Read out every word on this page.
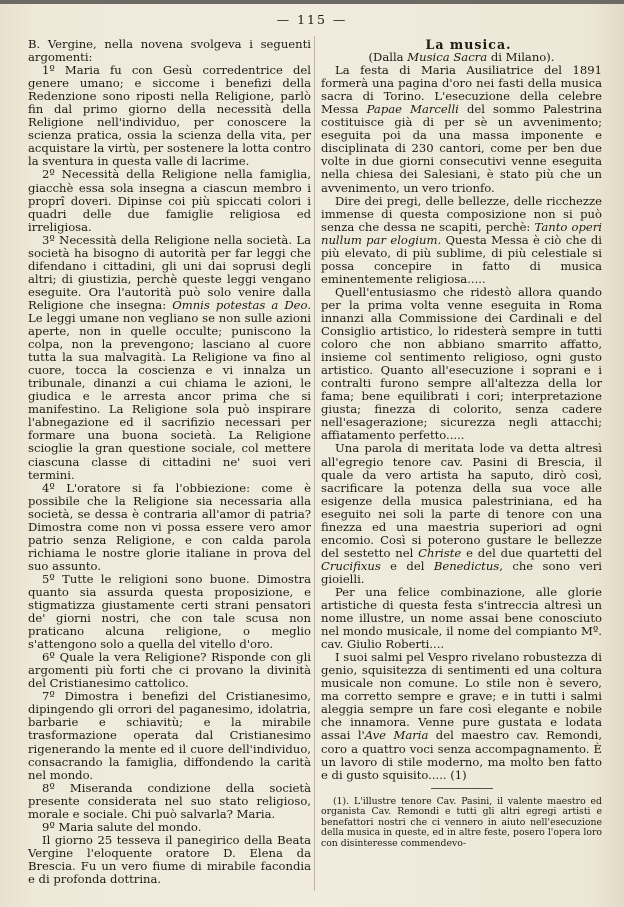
— 115 —

B. Vergine, nella novena svolgeva i seguenti argomenti:

1º Maria fu con Gesù corredentrice del genere umano; e siccome i benefizi della Redenzione sono riposti nella Religione, parlò fin dal primo giorno della necessità della Religione nell'individuo, per conoscere la scienza pratica, ossia la scienza della vita, per acquistare la virtù, per sostenere la lotta contro la sventura in questa valle di lacrime.

2º Necessità della Religione nella famiglia, giacchè essa sola insegna a ciascun membro i proprî doveri. Dipinse coi più spiccati colori i quadri delle due famiglie religiosa ed irreligiosa.

3º Necessità della Religione nella società. La società ha bisogno di autorità per far leggi che difendano i cittadini, gli uni dai soprusi degli altri; di giustizia, perchè queste leggi vengano eseguite. Ora l'autorità può solo venire dalla Religione che insegna: Omnis potestas a Deo. Le leggi umane non vegliano se non sulle azioni aperte, non in quelle occulte; puniscono la colpa, non la prevengono; lasciano al cuore tutta la sua malvagità. La Religione va fino al cuore, tocca la coscienza e vi innalza un tribunale, dinanzi a cui chiama le azioni, le giudica e le arresta ancor prima che si manifestino. La Religione sola può inspirare l'abnegazione ed il sacrifizio necessari per formare una buona società. La Religione scioglie la gran questione sociale, col mettere ciascuna classe di cittadini ne' suoi veri termini.

4º L'oratore si fa l'obbiezione: come è possibile che la Religione sia necessaria alla società, se dessa è contraria all'amor di patria? Dimostra come non vi possa essere vero amor patrio senza Religione, e con calda parola richiama le nostre glorie italiane in prova del suo assunto.

5º Tutte le religioni sono buone. Dimostra quanto sia assurda questa proposizione, e stigmatizza giustamente certi strani pensatori de' giorni nostri, che con tale scusa non praticano alcuna religione, o meglio s'attengono solo a quella del vitello d'oro.

6º Quale la vera Religione? Risponde con gli argomenti più forti che ci provano la divinità del Cristianesimo cattolico.

7º Dimostra i benefizi del Cristianesimo, dipingendo gli orrori del paganesimo, idolatria, barbarie e schiavitù; e la mirabile trasformazione operata dal Cristianesimo rigenerando la mente ed il cuore dell'individuo, consacrando la famiglia, diffondendo la carità nel mondo.

8º Miseranda condizione della società presente considerata nel suo stato religioso, morale e sociale. Chi può salvarla? Maria.

9º Maria salute del mondo.

Il giorno 25 tesseva il panegirico della Beata Vergine l'eloquente oratore D. Elena da Brescia. Fu un vero fiume di mirabile facondia e di profonda dottrina.

La musica.

(Dalla Musica Sacra di Milano).

La festa di Maria Ausiliatrice del 1891 formerà una pagina d'oro nei fasti della musica sacra di Torino. L'esecuzione della celebre Messa Papae Marcelli del sommo Palestrina costituisce già di per sè un avvenimento; eseguita poi da una massa imponente e disciplinata di 230 cantori, come per ben due volte in due giorni consecutivi venne eseguita nella chiesa dei Salesiani, è stato più che un avvenimento, un vero trionfo.

Dire dei pregi, delle bellezze, delle ricchezze immense di questa composizione non si può senza che dessa ne scapiti, perchè: Tanto operi nullum par elogium. Questa Messa è ciò che di più elevato, di più sublime, di più celestiale si possa concepire in fatto di musica eminentemente religiosa.....

Quell'entusiasmo che ridestò allora quando per la prima volta venne eseguita in Roma innanzi alla Commissione dei Cardinali e del Consiglio artistico, lo ridesterà sempre in tutti coloro che non abbiano smarrito affatto, insieme col sentimento religioso, ogni gusto artistico. Quanto all'esecuzione i soprani e i contralti furono sempre all'altezza della lor fama; bene equilibrati i cori; interpretazione giusta; finezza di colorito, senza cadere nell'esagerazione; sicurezza negli attacchi; affiatamento perfetto.....

Una parola di meritata lode va detta altresì all'egregio tenore cav. Pasini di Brescia, il quale da vero artista ha saputo, dirò così, sacrificare la potenza della sua voce alle esigenze della musica palestriniana, ed ha eseguito nei soli la parte di tenore con una finezza ed una maestria superiori ad ogni encomio. Così si poterono gustare le bellezze del sestetto nel Christe e del due quartetti del Crucifixus e del Benedictus, che sono veri gioielli.

Per una felice combinazione, alle glorie artistiche di questa festa s'intreccia altresì un nome illustre, un nome assai bene conosciuto nel mondo musicale, il nome del compianto Mº. cav. Giulio Roberti....

I suoi salmi pel Vespro rivelano robustezza di genio, squisitezza di sentimenti ed una coltura musicale non comune. Lo stile non è severo, ma corretto sempre e grave; e in tutti i salmi aleggia sempre un fare così elegante e nobile che innamora. Venne pure gustata e lodata assai l'Ave Maria del maestro cav. Remondi, coro a quattro voci senza accompagnamento. È un lavoro di stile moderno, ma molto ben fatto e di gusto squisito..... (1)

(1). L'illustre tenore Cav. Pasini, il valente maestro ed organista Cav. Remondi e tutti gli altri egregi artisti e benefattori nostri che ci vennero in aiuto nell'esecuzione della musica in queste, ed in altre feste, posero l'opera loro con disinteresse commendevo-
